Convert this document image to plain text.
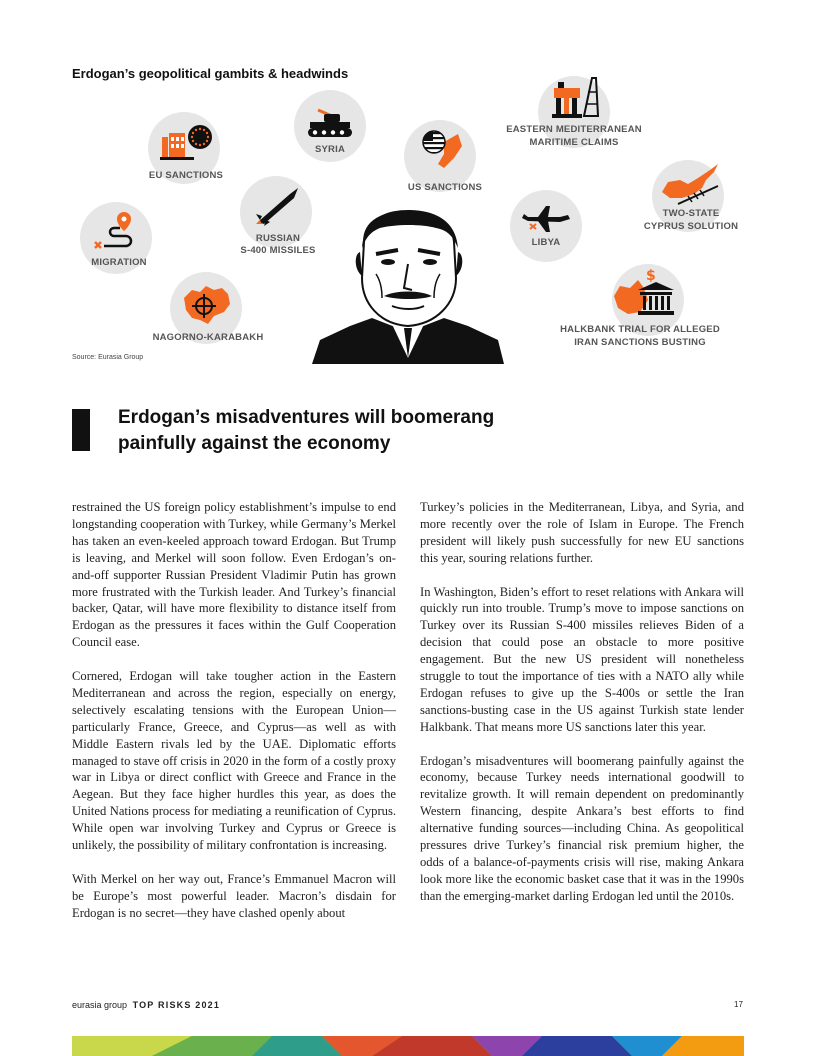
Erdogan’s geopolitical gambits & headwinds
EU SANCTIONS
SYRIA
US SANCTIONS
EASTERN MEDITERRANEAN
MARITIME CLAIMS
TWO-STATE
CYPRUS SOLUTION
MIGRATION
RUSSIAN
S-400 MISSILES
LIBYA
NAGORNO-KARABAKH
$
HALKBANK TRIAL FOR ALLEGED
IRAN SANCTIONS BUSTING
Source: Eurasia Group
Erdogan’s misadventures will boomerang
painfully against the economy

restrained the US foreign policy establishment’s impulse to end longstanding cooperation with Turkey, while Germany’s Merkel has taken an even-keeled approach toward Erdogan. But Trump is leaving, and Merkel will soon follow. Even Erdogan’s on-and-off supporter Russian President Vladimir Putin has grown more frustrated with the Turkish leader. And Turkey’s financial backer, Qatar, will have more flexibility to distance itself from Erdogan as the pressures it faces within the Gulf Cooperation Council ease.

Cornered, Erdogan will take tougher action in the Eastern Mediterranean and across the region, especially on energy, selectively escalating tensions with the European Union—particularly France, Greece, and Cyprus—as well as with Middle Eastern rivals led by the UAE. Diplomatic efforts managed to stave off crisis in 2020 in the form of a costly proxy war in Libya or direct conflict with Greece and France in the Aegean. But they face higher hurdles this year, as does the United Nations process for mediating a reunification of Cyprus. While open war involving Turkey and Cyprus or Greece is unlikely, the possibility of military confrontation is increasing.

With Merkel on her way out, France’s Emmanuel Macron will be Europe’s most powerful leader. Macron’s disdain for Erdogan is no secret—they have clashed openly about

Turkey’s policies in the Mediterranean, Libya, and Syria, and more recently over the role of Islam in Europe. The French president will likely push successfully for new EU sanctions this year, souring relations further.

In Washington, Biden’s effort to reset relations with Ankara will quickly run into trouble. Trump’s move to impose sanctions on Turkey over its Russian S-400 missiles relieves Biden of a decision that could pose an obstacle to more positive engagement. But the new US president will nonetheless struggle to tout the importance of ties with a NATO ally while Erdogan refuses to give up the S-400s or settle the Iran sanctions-busting case in the US against Turkish state lender Halkbank. That means more US sanctions later this year.

Erdogan’s misadventures will boomerang painfully against the economy, because Turkey needs international goodwill to revitalize growth. It will remain dependent on predominantly Western financing, despite Ankara’s best efforts to find alternative funding sources—including China. As geopolitical pressures drive Turkey’s financial risk premium higher, the odds of a balance-of-payments crisis will rise, making Ankara look more like the economic basket case that it was in the 1990s than the emerging-market darling Erdogan led until the 2010s.

eurasia group TOP RISKS 2021	17
